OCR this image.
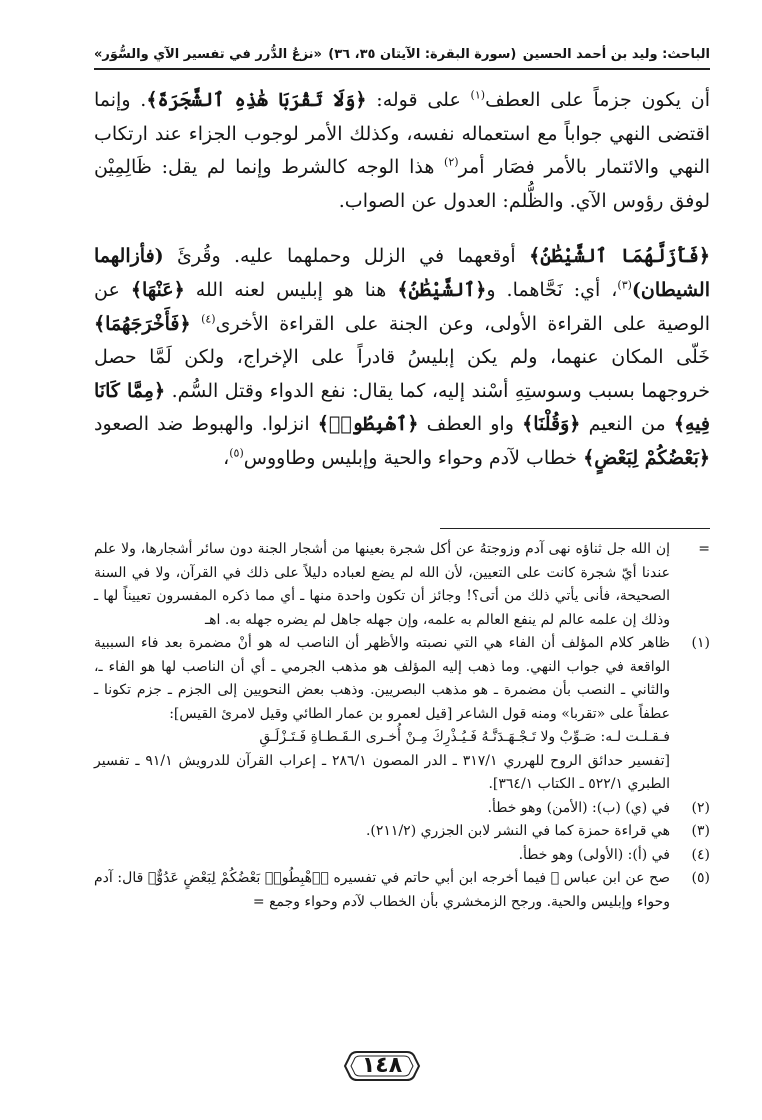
الباحث: وليد بن أحمد الحسين
(سورة البقرة: الآيتان ٣٥، ٣٦)
«نزعُ الدُّرر في تفسير الآي والسُّوَر»

أن يكون جزماً على العطف$^{(١)}$ على قوله: ﴿وَلَا تَقْرَبَا هَٰذِهِ ٱلشَّجَرَةَ﴾. وإنما اقتضى النهي جواباً مع استعماله نفسه، وكذلك الأمر لوجوب الجزاء عند ارتكاب النهي والائتمار بالأمر فصَار أمر$^{(٢)}$ هذا الوجه كالشرط وإنما لم يقل: ظَالِمِيْن لوفق رؤوس الآي. والظُّلم: العدول عن الصواب.

﴿فَأَزَلَّهُمَا ٱلشَّيْطَٰنُ﴾ أوقعهما في الزلل وحملهما عليه. وقُرئَ (فأزالهما الشيطان)$^{(٣)}$، أي: نَحَّاهما. و﴿ٱلشَّيْطَٰنُ﴾ هنا هو إبليس لعنه الله ﴿عَنْهَا﴾ عن الوصية على القراءة الأولى، وعن الجنة على القراءة الأخرى$^{(٤)}$ ﴿فَأَخْرَجَهُمَا﴾ خَلّى المكان عنهما، ولم يكن إبليسُ قادراً على الإخراج، ولكن لَمَّا حصل خروجهما بسبب وسوستِهِ أسْند إليه، كما يقال: نفع الدواء وقتل السُّم. ﴿مِمَّا كَانَا فِيهِ﴾ من النعيم ﴿وَقُلْنَا﴾ واو العطف ﴿ٱهْبِطُوا۟﴾ انزلوا. والهبوط ضد الصعود ﴿بَعْضُكُمْ لِبَعْضٍ﴾ خطاب لآدم وحواء والحية وإبليس وطاووس$^{(٥)}$،

=
إن الله جل ثناؤه نهى آدم وزوجتهُ عن أكل شجرة بعينها من أشجار الجنة دون سائر أشجارها، ولا علم عندنا أيّ شجرة كانت على التعيين، لأن الله لم يضع لعباده دليلاً على ذلك في القرآن، ولا في السنة الصحيحة، فأنى يأتي ذلك من أتى؟! وجائز أن تكون واحدة منها ـ أي مما ذكره المفسرون تعييناً لها ـ وذلك إن علمه عالم لم ينفع العالم به علمه، وإن جهله جاهل لم يضره جهله به. اهـ
(١)
ظاهر كلام المؤلف أن الفاء هي التي نصبته والأظهر أن الناصب له هو أنْ مضمرة بعد فاء السببية الواقعة في جواب النهي. وما ذهب إليه المؤلف هو مذهب الجرمي ـ أي أن الناصب لها هو الفاء ـ، والثاني ـ النصب بأن مضمرة ـ هو مذهب البصريين. وذهب بعض النحويين إلى الجزم ـ جزم تكونا ـ عطفاً على «تقربا» ومنه قول الشاعر [قيل لعمرو بن عمار الطائي وقيل لامرئ القيس]:
فـقـلـت لـه: صَـوِّبْ ولا تَـجْـهَـدَنَّـهُ فَـيُـذْرِكَ مِـنْ أُخـرى الـقَـطـاةِ فَـتَـزْلَـقِ
[تفسير حدائق الروح للهرري ٣١٧/١ ـ الدر المصون ٢٨٦/١ ـ إعراب القرآن للدرويش ٩١/١ ـ تفسير الطبري ٥٢٢/١ ـ الكتاب ٣٦٤/١].
(٢)
في (ي) (ب): (الأمن) وهو خطأ.
(٣)
هي قراءة حمزة كما في النشر لابن الجزري (٢١١/٢).
(٤)
في (أ): (الأولى) وهو خطأ.
(٥)
صح عن ابن عباس ﷺ فيما أخرجه ابن أبي حاتم في تفسيره ﴿ٱهْبِطُوا۟ بَعْضُكُمْ لِبَعْضٍ عَدُوٌّ﴾ قال: آدم وحواء وإبليس والحية. ورجح الزمخشري بأن الخطاب لآدم وحواء وجمع =
١٤٨
